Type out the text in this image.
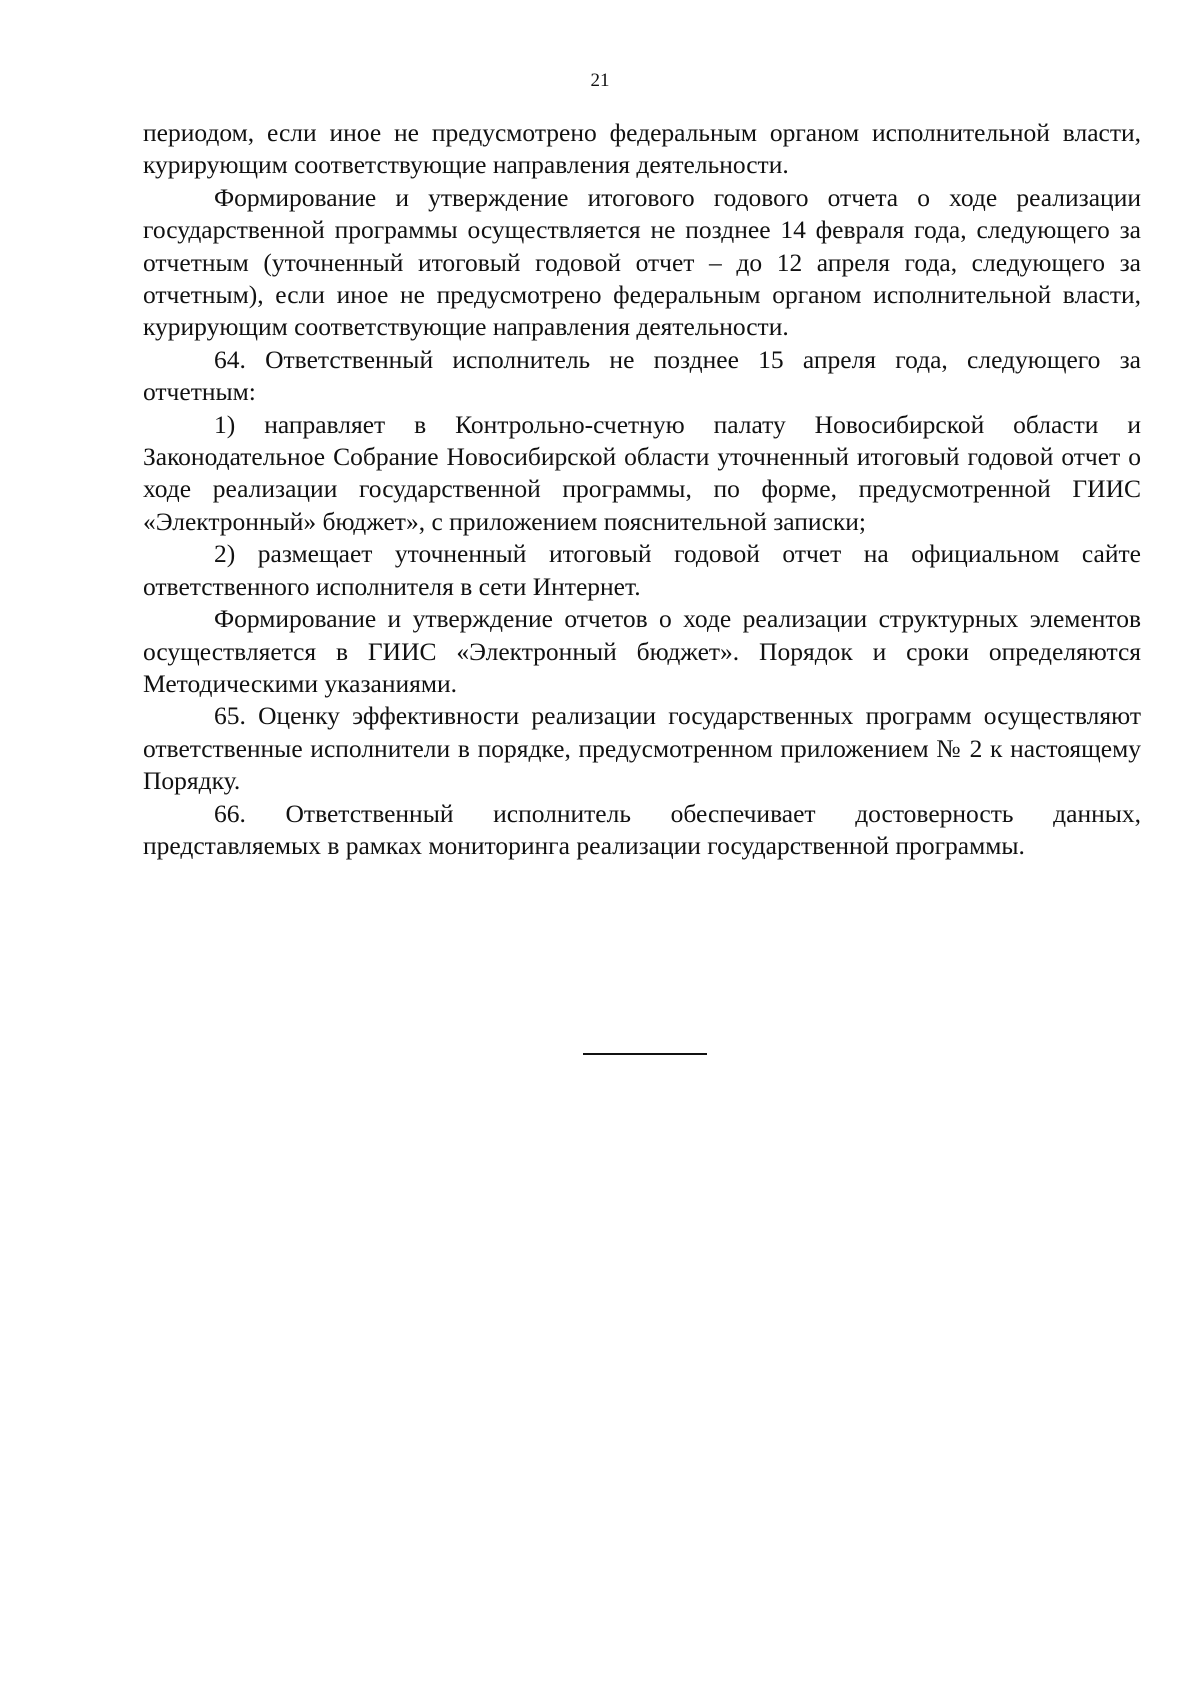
21

периодом, если иное не предусмотрено федеральным органом исполнительной власти, курирующим соответствующие направления деятельности.

Формирование и утверждение итогового годового отчета о ходе реализации государственной программы осуществляется не позднее 14 февраля года, следующего за отчетным (уточненный итоговый годовой отчет – до 12 апреля года, следующего за отчетным), если иное не предусмотрено федеральным органом исполнительной власти, курирующим соответствующие направления деятельности.

64. Ответственный исполнитель не позднее 15 апреля года, следующего за отчетным:

1) направляет в Контрольно-счетную палату Новосибирской области и Законодательное Собрание Новосибирской области уточненный итоговый годовой отчет о ходе реализации государственной программы, по форме, предусмотренной ГИИС «Электронный» бюджет», с приложением пояснительной записки;

2) размещает уточненный итоговый годовой отчет на официальном сайте ответственного исполнителя в сети Интернет.

Формирование и утверждение отчетов о ходе реализации структурных элементов осуществляется в ГИИС «Электронный бюджет». Порядок и сроки определяются Методическими указаниями.

65. Оценку эффективности реализации государственных программ осуществляют ответственные исполнители в порядке, предусмотренном приложением № 2 к настоящему Порядку.

66. Ответственный исполнитель обеспечивает достоверность данных, представляемых в рамках мониторинга реализации государственной программы.
